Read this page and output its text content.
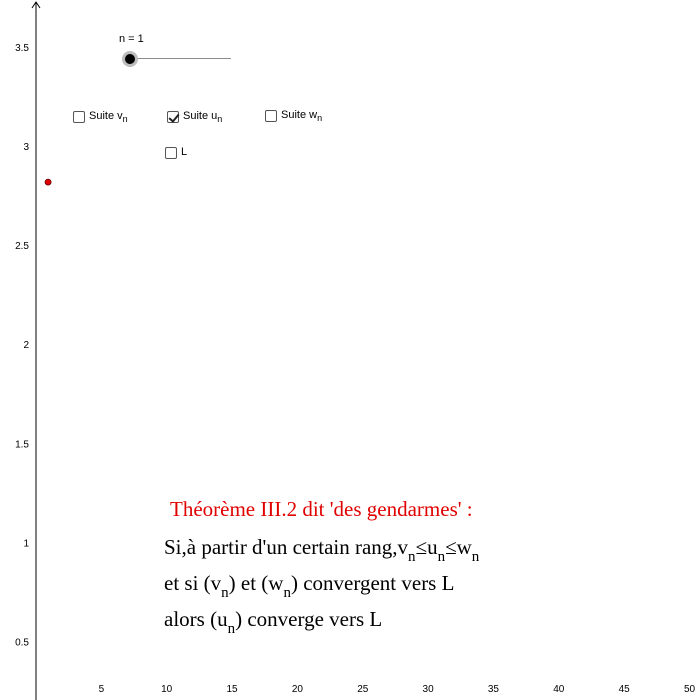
5	10	15	20	25	30	35	40	45	50
0.5
1
1.5
2
2.5
3
3.5
n = 1
Suite v n	Suite u n	Suite w n
L
Théorème III.2 dit 'des gendarmes' :
Si,à partir d'un certain $rang,v_n\le u_n\le w_n$
et si $(v_n)$ et $(w_n)$ convergent vers L
alors $(u_n)$ converge vers L
